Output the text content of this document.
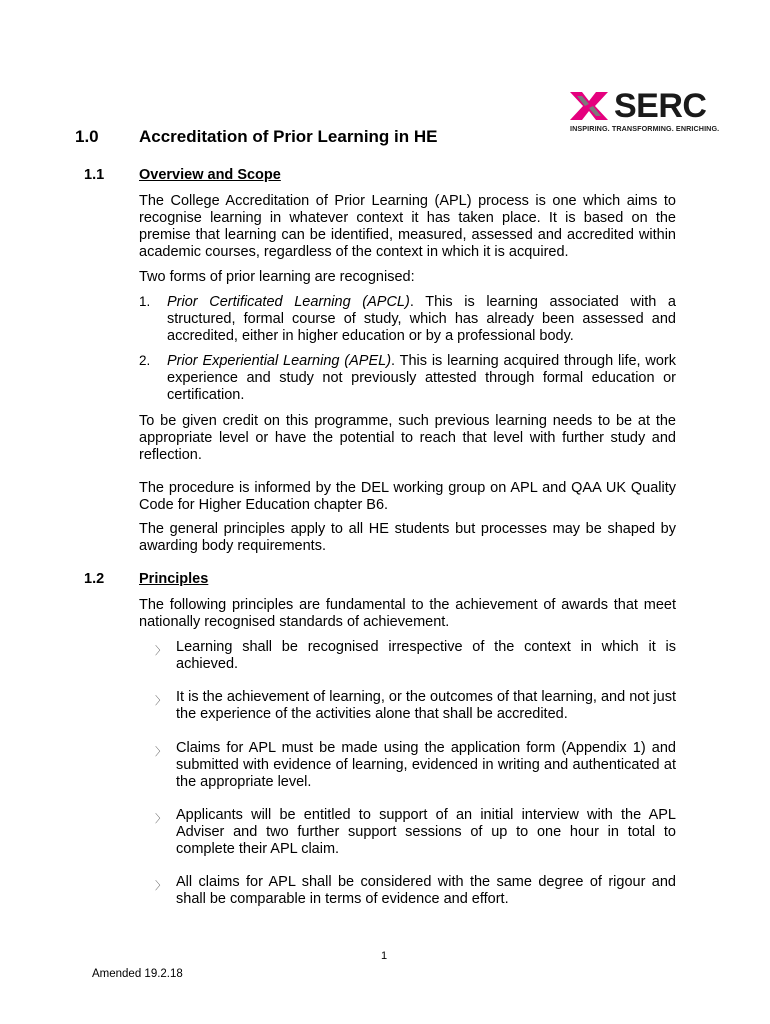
SERC
INSPIRING. TRANSFORMING. ENRICHING.
1.0 Accreditation of Prior Learning in HE
1.1 Overview and Scope
The College Accreditation of Prior Learning (APL) process is one which aims to recognise learning in whatever context it has taken place. It is based on the premise that learning can be identified, measured, assessed and accredited within academic courses, regardless of the context in which it is acquired.
Two forms of prior learning are recognised:
1. Prior Certificated Learning (APCL). This is learning associated with a structured, formal course of study, which has already been assessed and accredited, either in higher education or by a professional body.
2. Prior Experiential Learning (APEL). This is learning acquired through life, work experience and study not previously attested through formal education or certification.
To be given credit on this programme, such previous learning needs to be at the appropriate level or have the potential to reach that level with further study and reflection.
The procedure is informed by the DEL working group on APL and QAA UK Quality Code for Higher Education chapter B6.
The general principles apply to all HE students but processes may be shaped by awarding body requirements.
1.2 Principles
The following principles are fundamental to the achievement of awards that meet nationally recognised standards of achievement.
〉 Learning shall be recognised irrespective of the context in which it is achieved.
〉 It is the achievement of learning, or the outcomes of that learning, and not just the experience of the activities alone that shall be accredited.
〉 Claims for APL must be made using the application form (Appendix 1) and submitted with evidence of learning, evidenced in writing and authenticated at the appropriate level.
〉 Applicants will be entitled to support of an initial interview with the APL Adviser and two further support sessions of up to one hour in total to complete their APL claim.
〉 All claims for APL shall be considered with the same degree of rigour and shall be comparable in terms of evidence and effort.
1
Amended 19.2.18
